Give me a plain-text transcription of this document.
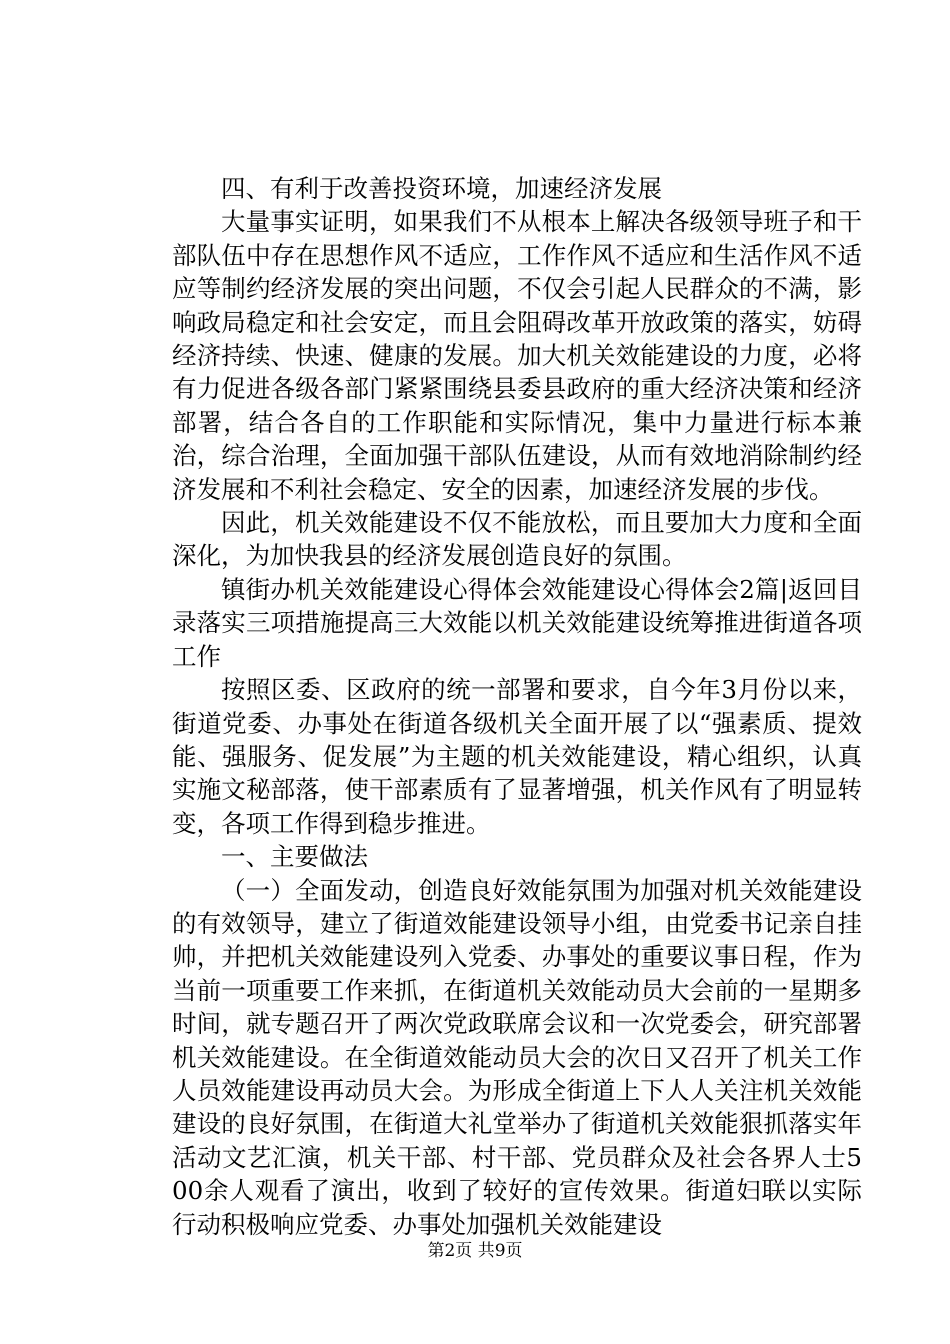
四、有利于改善投资环境，加速经济发展

大量事实证明，如果我们不从根本上解决各级领导班子和干部队伍中存在思想作风不适应，工作作风不适应和生活作风不适应等制约经济发展的突出问题，不仅会引起人民群众的不满，影响政局稳定和社会安定，而且会阻碍改革开放政策的落实，妨碍经济持续、快速、健康的发展。加大机关效能建设的力度，必将有力促进各级各部门紧紧围绕县委县政府的重大经济决策和经济部署，结合各自的工作职能和实际情况，集中力量进行标本兼治，综合治理，全面加强干部队伍建设，从而有效地消除制约经济发展和不利社会稳定、安全的因素，加速经济发展的步伐。

因此，机关效能建设不仅不能放松，而且要加大力度和全面深化，为加快我县的经济发展创造良好的氛围。

镇街办机关效能建设心得体会效能建设心得体会2篇|返回目录落实三项措施提高三大效能以机关效能建设统筹推进街道各项工作

按照区委、区政府的统一部署和要求，自今年3月份以来，街道党委、办事处在街道各级机关全面开展了以“强素质、提效能、强服务、促发展”为主题的机关效能建设，精心组织，认真实施文秘部落，使干部素质有了显著增强，机关作风有了明显转变，各项工作得到稳步推进。

一、主要做法

（一）全面发动，创造良好效能氛围为加强对机关效能建设的有效领导，建立了街道效能建设领导小组，由党委书记亲自挂帅，并把机关效能建设列入党委、办事处的重要议事日程，作为当前一项重要工作来抓，在街道机关效能动员大会前的一星期多时间，就专题召开了两次党政联席会议和一次党委会，研究部署机关效能建设。在全街道效能动员大会的次日又召开了机关工作人员效能建设再动员大会。为形成全街道上下人人关注机关效能建设的良好氛围，在街道大礼堂举办了街道机关效能狠抓落实年活动文艺汇演，机关干部、村干部、党员群众及社会各界人士500余人观看了演出，收到了较好的宣传效果。街道妇联以实际行动积极响应党委、办事处加强机关效能建设

第2页 共9页
